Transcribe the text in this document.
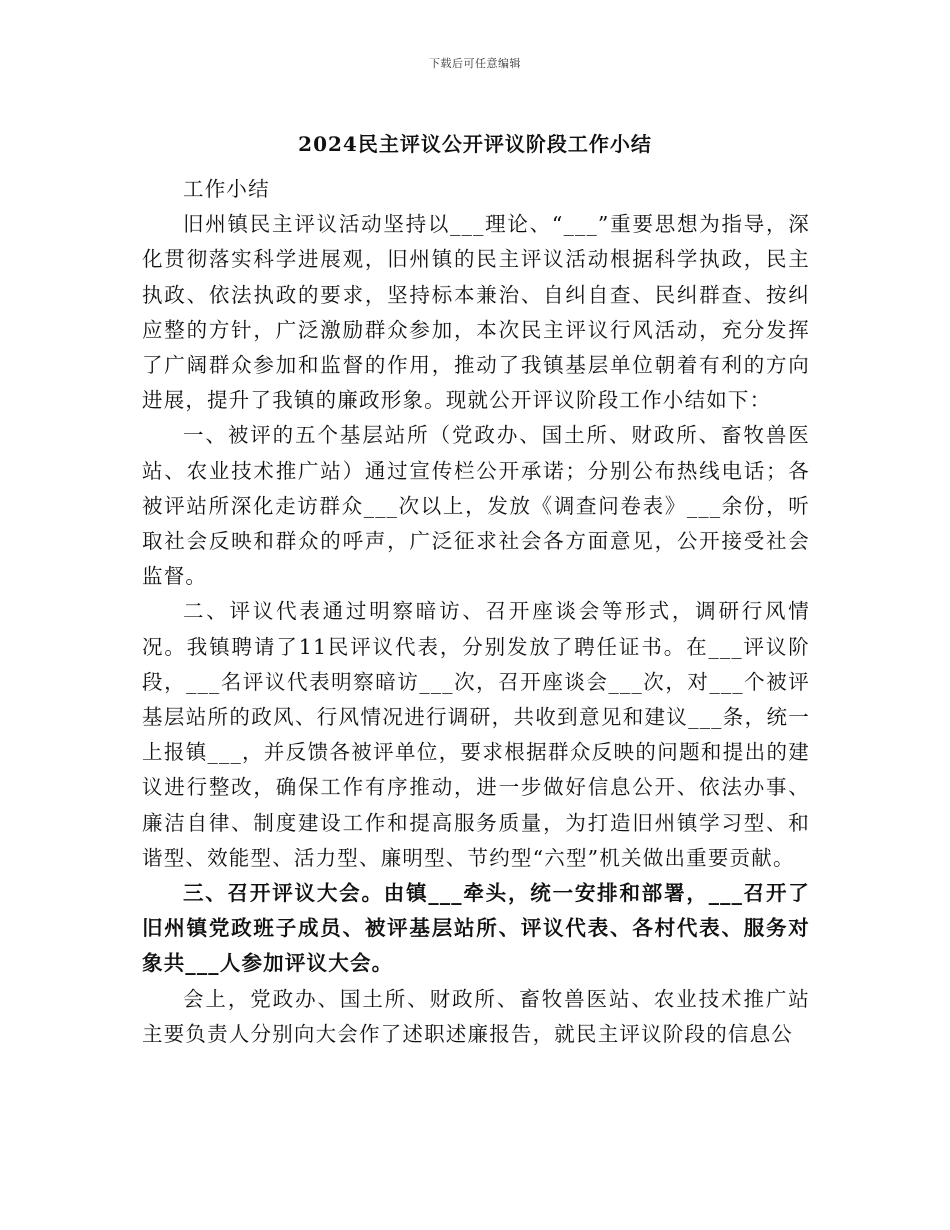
下载后可任意编辑
2024民主评议公开评议阶段工作小结

工作小结

旧州镇民主评议活动坚持以___理论、“___”重要思想为指导，深化贯彻落实科学进展观，旧州镇的民主评议活动根据科学执政，民主执政、依法执政的要求，坚持标本兼治、自纠自查、民纠群查、按纠应整的方针，广泛激励群众参加，本次民主评议行风活动，充分发挥了广阔群众参加和监督的作用，推动了我镇基层单位朝着有利的方向进展，提升了我镇的廉政形象。现就公开评议阶段工作小结如下：

一、被评的五个基层站所（党政办、国土所、财政所、畜牧兽医站、农业技术推广站）通过宣传栏公开承诺；分别公布热线电话；各被评站所深化走访群众___次以上，发放《调查问卷表》___余份，听取社会反映和群众的呼声，广泛征求社会各方面意见，公开接受社会监督。

二、评议代表通过明察暗访、召开座谈会等形式，调研行风情况。我镇聘请了11民评议代表，分别发放了聘任证书。在___评议阶段，___名评议代表明察暗访___次，召开座谈会___次，对___个被评基层站所的政风、行风情况进行调研，共收到意见和建议___条，统一上报镇___，并反馈各被评单位，要求根据群众反映的问题和提出的建议进行整改，确保工作有序推动，进一步做好信息公开、依法办事、廉洁自律、制度建设工作和提高服务质量，为打造旧州镇学习型、和谐型、效能型、活力型、廉明型、节约型“六型”机关做出重要贡献。

三、召开评议大会。由镇___牵头，统一安排和部署，___召开了旧州镇党政班子成员、被评基层站所、评议代表、各村代表、服务对象共___人参加评议大会。

会上，党政办、国土所、财政所、畜牧兽医站、农业技术推广站主要负责人分别向大会作了述职述廉报告，就民主评议阶段的信息公
